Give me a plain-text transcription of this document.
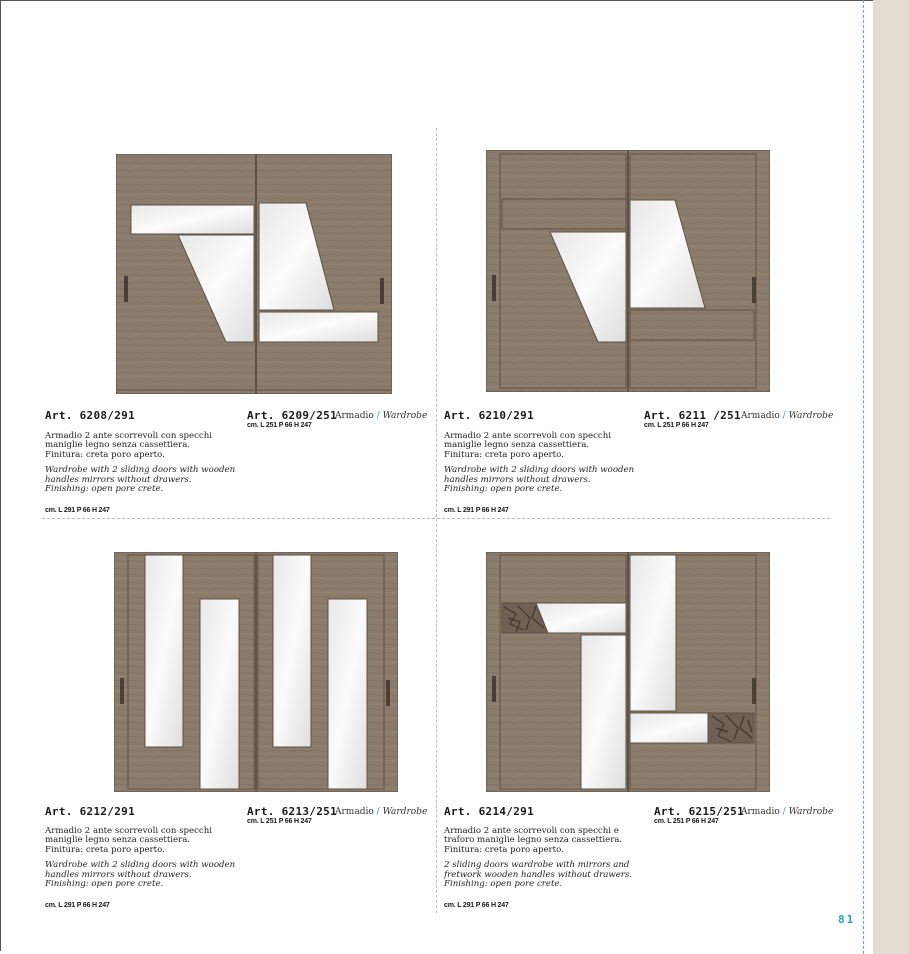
Art. 6208/291	Art. 6209/251
cm. L 251 P 66 H 247
Armadio / Wardrobe

Armadio 2 ante scorrevoli con specchi
maniglie legno senza cassettiera.
Finitura: creta poro aperto.

Wardrobe with 2 sliding doors with wooden
handles mirrors without drawers.
Finishing: open pore crete.

cm. L 291 P 66 H 247
Art. 6210/291	Art. 6211 /251
cm. L 251 P 66 H 247
Armadio / Wardrobe

Armadio 2 ante scorrevoli con specchi
maniglie legno senza cassettiera.
Finitura: creta poro aperto.

Wardrobe with 2 sliding doors with wooden
handles mirrors without drawers.
Finishing: open pore crete.

cm. L 291 P 66 H 247
Art. 6212/291	Art. 6213/251
cm. L 251 P 66 H 247
Armadio / Wardrobe

Armadio 2 ante scorrevoli con specchi
maniglie legno senza cassettiera.
Finitura: creta poro aperto.

Wardrobe with 2 sliding doors with wooden
handles mirrors without drawers.
Finishing: open pore crete.

cm. L 291 P 66 H 247
Art. 6214/291	Art. 6215/251
cm. L 251 P 66 H 247
Armadio / Wardrobe

Armadio 2 ante scorrevoli con specchi e
traforo maniglie legno senza cassettiera.
Finitura: creta poro aperto.

2 sliding doors wardrobe with mirrors and
fretwork wooden handles without drawers.
Finishing: open pore crete.

cm. L 291 P 66 H 247
81
